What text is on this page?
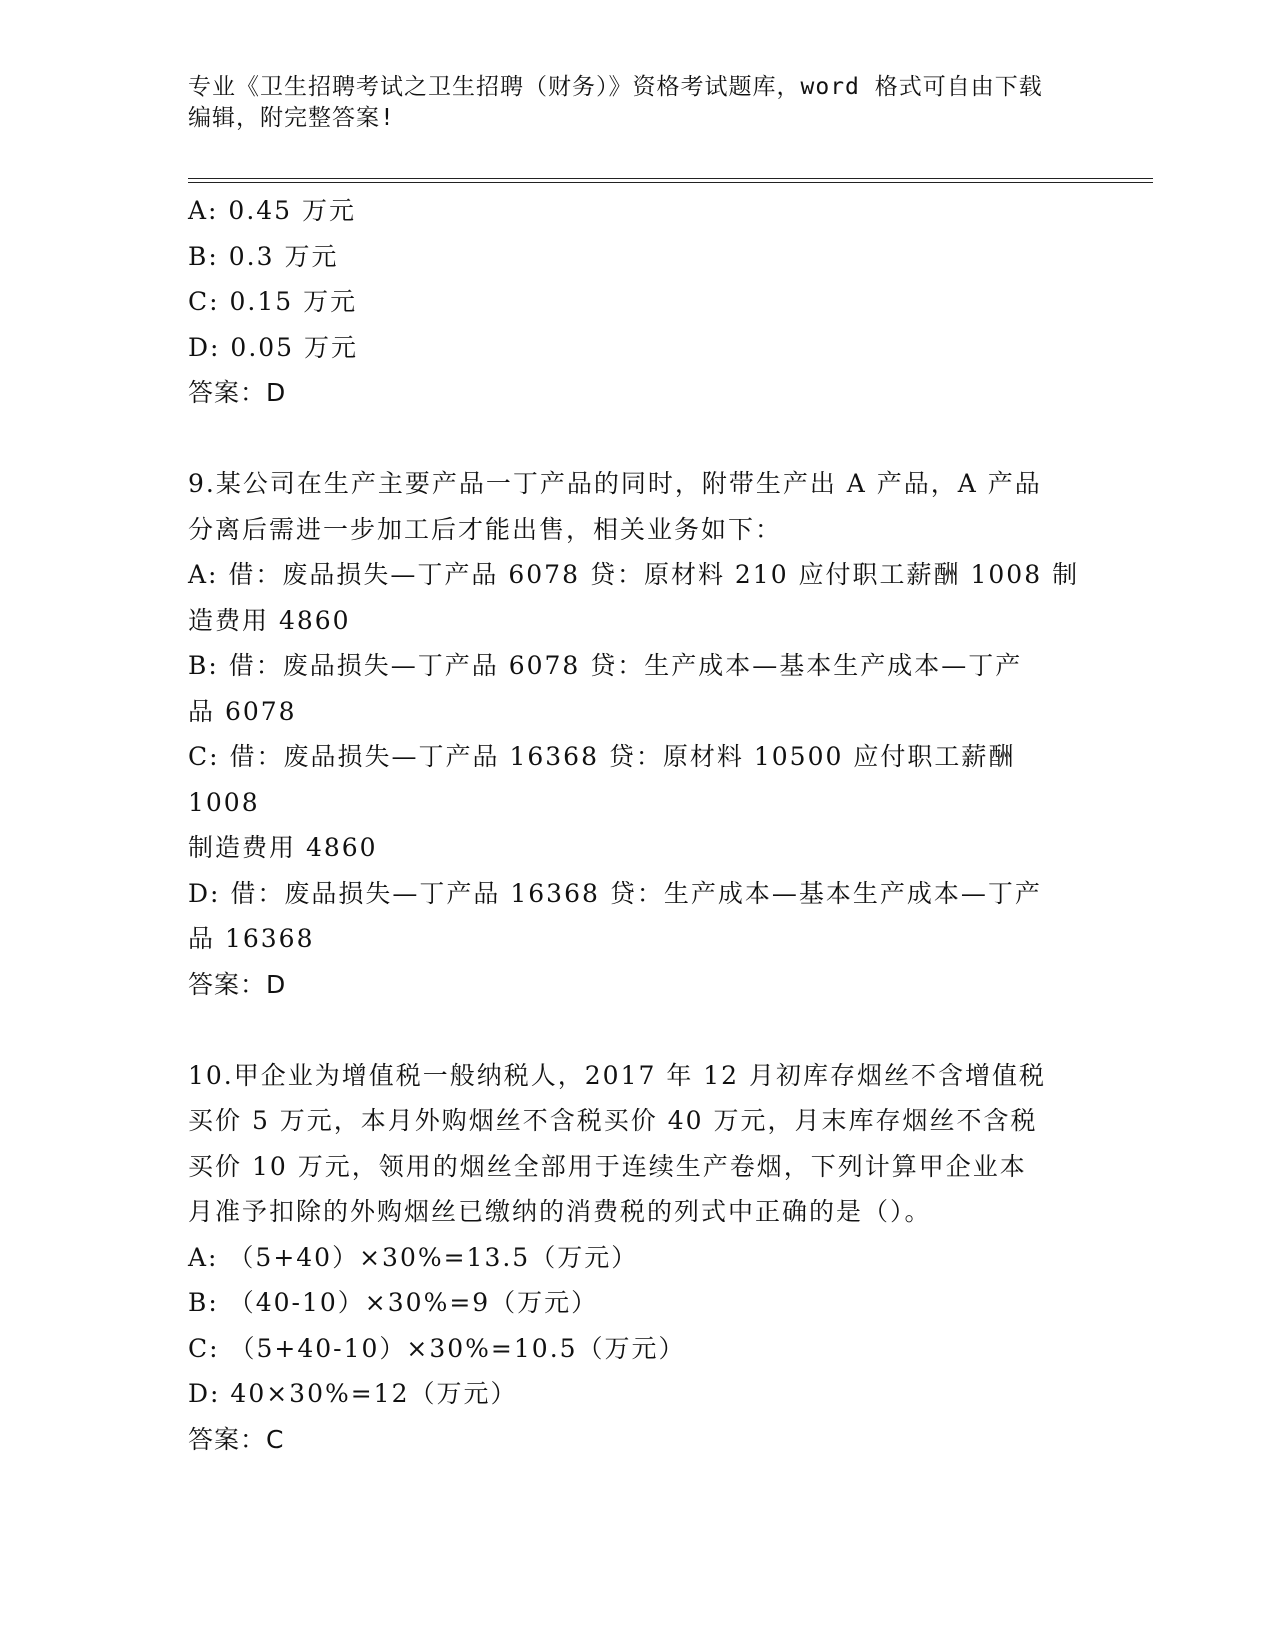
专业《卫生招聘考试之卫生招聘（财务）》资格考试题库，word 格式可自由下载

编辑，附完整答案!

A: 0.45 万元

B: 0.3 万元

C: 0.15 万元

D: 0.05 万元

答案：D

9.某公司在生产主要产品一丁产品的同时，附带生产出 A 产品，A 产品

分离后需进一步加工后才能出售，相关业务如下：

A: 借：废品损失—丁产品 6078 贷：原材料 210 应付职工薪酬 1008 制

造费用 4860

B: 借：废品损失—丁产品 6078 贷：生产成本—基本生产成本—丁产

品 6078

C: 借：废品损失—丁产品 16368 贷：原材料 10500 应付职工薪酬 1008

制造费用 4860

D: 借：废品损失—丁产品 16368 贷：生产成本—基本生产成本—丁产

品 16368

答案：D

10.甲企业为增值税一般纳税人，2017 年 12 月初库存烟丝不含增值税

买价 5 万元，本月外购烟丝不含税买价 40 万元，月末库存烟丝不含税

买价 10 万元，领用的烟丝全部用于连续生产卷烟，下列计算甲企业本

月准予扣除的外购烟丝已缴纳的消费税的列式中正确的是（）。

A: （5+40）×30%=13.5（万元）

B: （40-10）×30%=9（万元）

C: （5+40-10）×30%=10.5（万元）

D: 40×30%=12（万元）

答案：C
